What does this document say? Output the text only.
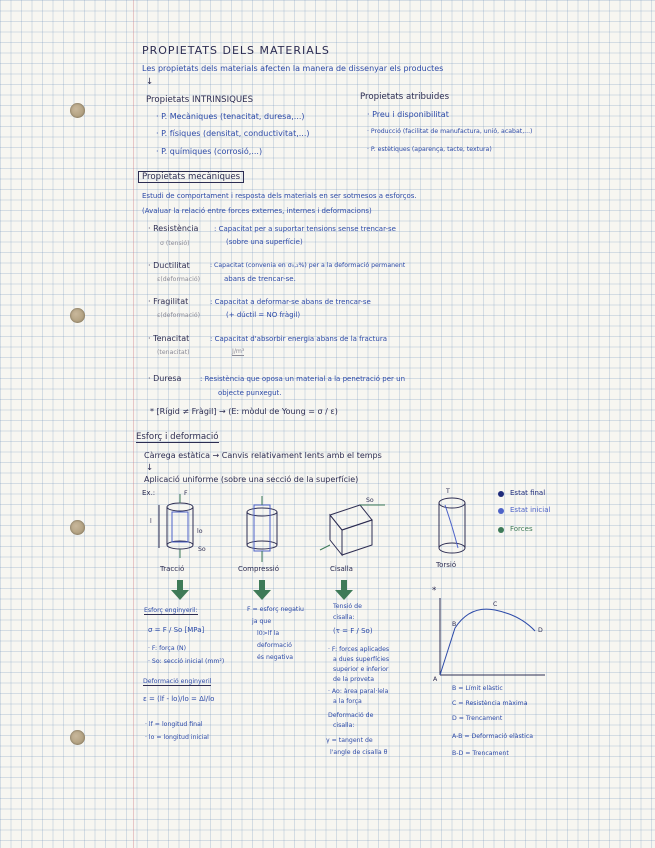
PROPIETATS DELS MATERIALS
Les propietats dels materials afecten la manera de dissenyar els productes
↓
Propietats INTRINSIQUES
· P. Mecàniques (tenacitat, duresa,...)
· P. físiques (densitat, conductivitat,...)
· P. químiques (corrosió,...)
Propietats atribuides
· Preu i disponibilitat
· Producció (facilitat de manufactura, unió, acabat,...)
· P. estètiques (aparença, tacte, textura)
Propietats mecàniques
Estudi de comportament i resposta dels materials en ser sotmesos a esforços.
(Avaluar la relació entre forces externes, internes i deformacions)
· Resistència : Capacitat per a suportar tensions sense trencar-se
σ (tensió)	(sobre una superfície)
· Ductilitat	: Capacitat (convenia en σ₀,₂%) per a la deformació permanent
ε(deformació)	abans de trencar-se.
· Fragilitat	: Capacitat a deformar-se abans de trencar-se
ε(deformació)	(+ dúctil = NO fràgil)
· Tenacitat	: Capacitat d'absorbir energia abans de la fractura
(tenacitat)	J/m³
· Duresa	: Resistència que oposa un material a la penetració per un
objecte punxegut.
* [Rígid ≠ Fràgil] → (E: mòdul de Young = σ / ε)
Esforç i deformació
Càrrega estàtica → Canvis relativament lents amb el temps
↓
Aplicació uniforme (sobre una secció de la superfície)
Ex.:
l
lo
F
So
So
T
Tracció	Compressió	Cisalla	Torsió
Estat final
Estat inicial
Forces
Esforç enginyeril:
σ = F / So [MPa]
· F: força (N)
· So: secció inicial (mm²)
Deformació enginyeril
ε = (lf - lo)/lo = Δl/lo
· lf = longitud final
· lo = longitud inicial
F = esforç negatiu
ja que
l0>lf la
deformació
és negativa
Tensió de
cisalla:
(τ = F / So)
· F: forces aplicades
a dues superfícies
superior e inferior
de la proveta
· Ao: àrea paral·lela
a la força
Deformació de
cisalla:
γ = tangent de
l'angle de cisalla θ
*
A
B
C
D
B = Límit elàstic
C = Resistència màxima
D = Trencament
A-B = Deformació elàstica
B-D = Trencament
